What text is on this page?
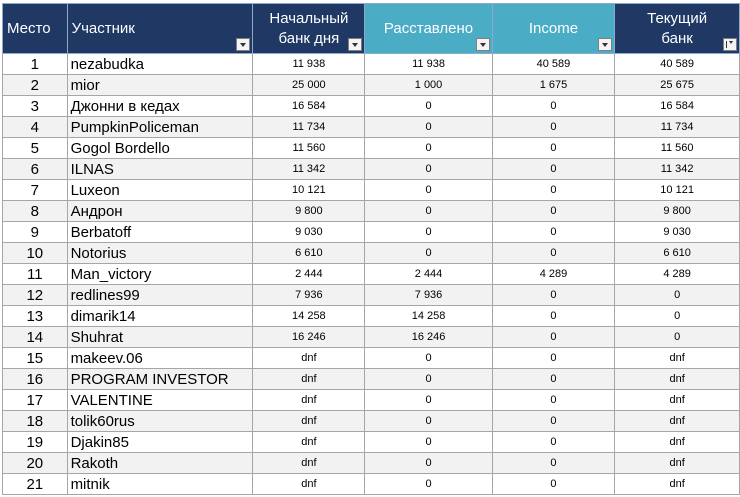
Место	Участник	Начальный банк дня	Расставлено	Income	Текущий банк

1	nezabudka	11 938	11 938	40 589	40 589
2	mior	25 000	1 000	1 675	25 675
3	Джонни в кедах	16 584	0	0	16 584
4	PumpkinPoliceman	11 734	0	0	11 734
5	Gogol Bordello	11 560	0	0	11 560
6	ILNAS	11 342	0	0	11 342
7	Luxeon	10 121	0	0	10 121
8	Андрон	9 800	0	0	9 800
9	Berbatoff	9 030	0	0	9 030
10	Notorius	6 610	0	0	6 610
11	Man_victory	2 444	2 444	4 289	4 289
12	redlines99	7 936	7 936	0	0
13	dimarik14	14 258	14 258	0	0
14	Shuhrat	16 246	16 246	0	0
15	makeev.06	dnf	0	0	dnf
16	PROGRAM INVESTOR	dnf	0	0	dnf
17	VALENTINE	dnf	0	0	dnf
18	tolik60rus	dnf	0	0	dnf
19	Djakin85	dnf	0	0	dnf
20	Rakoth	dnf	0	0	dnf
21	mitnik	dnf	0	0	dnf
